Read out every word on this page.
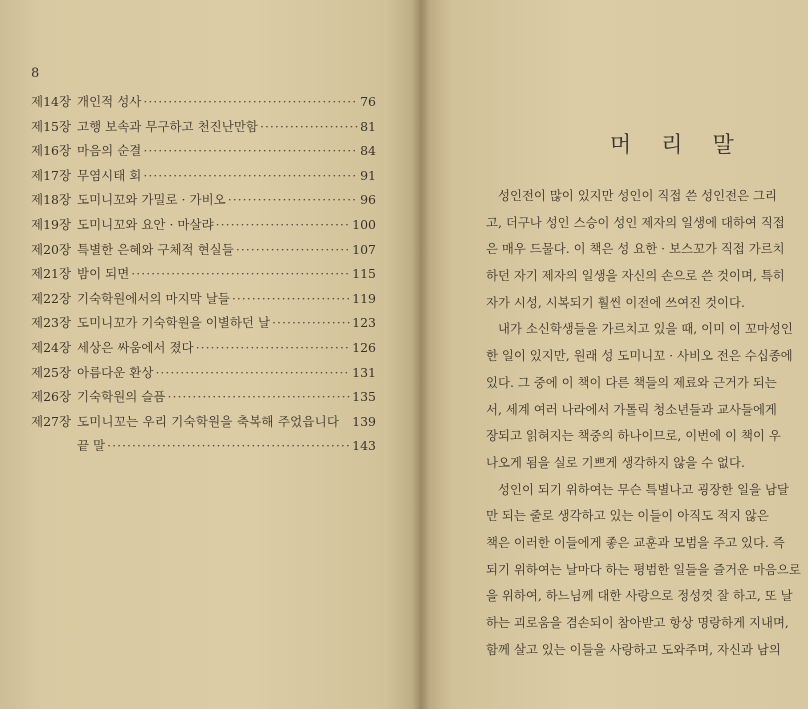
8
제14장 개인적 성사 ·····	76
제15장 고행 보속과 무구하고 천진난만함 ·····	81
제16장 마음의 순결 ·····	84
제17장 무염시태 회 ·····	91
제18장 도미니꼬와 가밀로 · 가비오 ·····	96
제19장 도미니꼬와 요안 · 마살랴 ·····	100
제20장 특별한 은혜와 구체적 현실들 ·····	107
제21장 밤이 되면 ·····	115
제22장 기숙학원에서의 마지막 날들 ·····	119
제23장 도미니꼬가 기숙학원을 이별하던 날 ·····	123
제24장 세상은 싸움에서 졌다 ·····	126
제25장 아름다운 환상 ·····	131
제26장 기숙학원의 슬픔 ·····	135
제27장 도미니꼬는 우리 기숙학원을 축복해 주었읍니다	139
끝 말 ·····	143
머리말
성인전이 많이 있지만 성인이 직접 쓴 성인전은 그리
고, 더구나 성인 스승이 성인 제자의 일생에 대하여 직접
은 매우 드물다. 이 책은 성 요한 · 보스꼬가 직접 가르치
하던 자기 제자의 일생을 자신의 손으로 쓴 것이며, 특히
자가 시성, 시복되기 훨씬 이전에 쓰여진 것이다.
내가 소신학생들을 가르치고 있을 때, 이미 이 꼬마성인
한 일이 있지만, 원래 성 도미니꼬 · 사비오 전은 수십종에
있다. 그 중에 이 책이 다른 책들의 제료와 근거가 되는
서, 세계 여러 나라에서 가톨릭 청소년들과 교사들에게
장되고 읽혀지는 책중의 하나이므로, 이번에 이 책이 우
나오게 됨을 실로 기쁘게 생각하지 않을 수 없다.
성인이 되기 위하여는 무슨 특별나고 굉장한 일을 남달
만 되는 줄로 생각하고 있는 이들이 아직도 적지 않은
책은 이러한 이들에게 좋은 교훈과 모범을 주고 있다. 즉
되기 위하여는 날마다 하는 평범한 일들을 즐거운 마음으로
을 위하여, 하느님께 대한 사랑으로 정성껏 잘 하고, 또 날
하는 괴로움을 겸손되이 참아받고 항상 명랑하게 지내며,
함께 살고 있는 이들을 사랑하고 도와주며, 자신과 남의
